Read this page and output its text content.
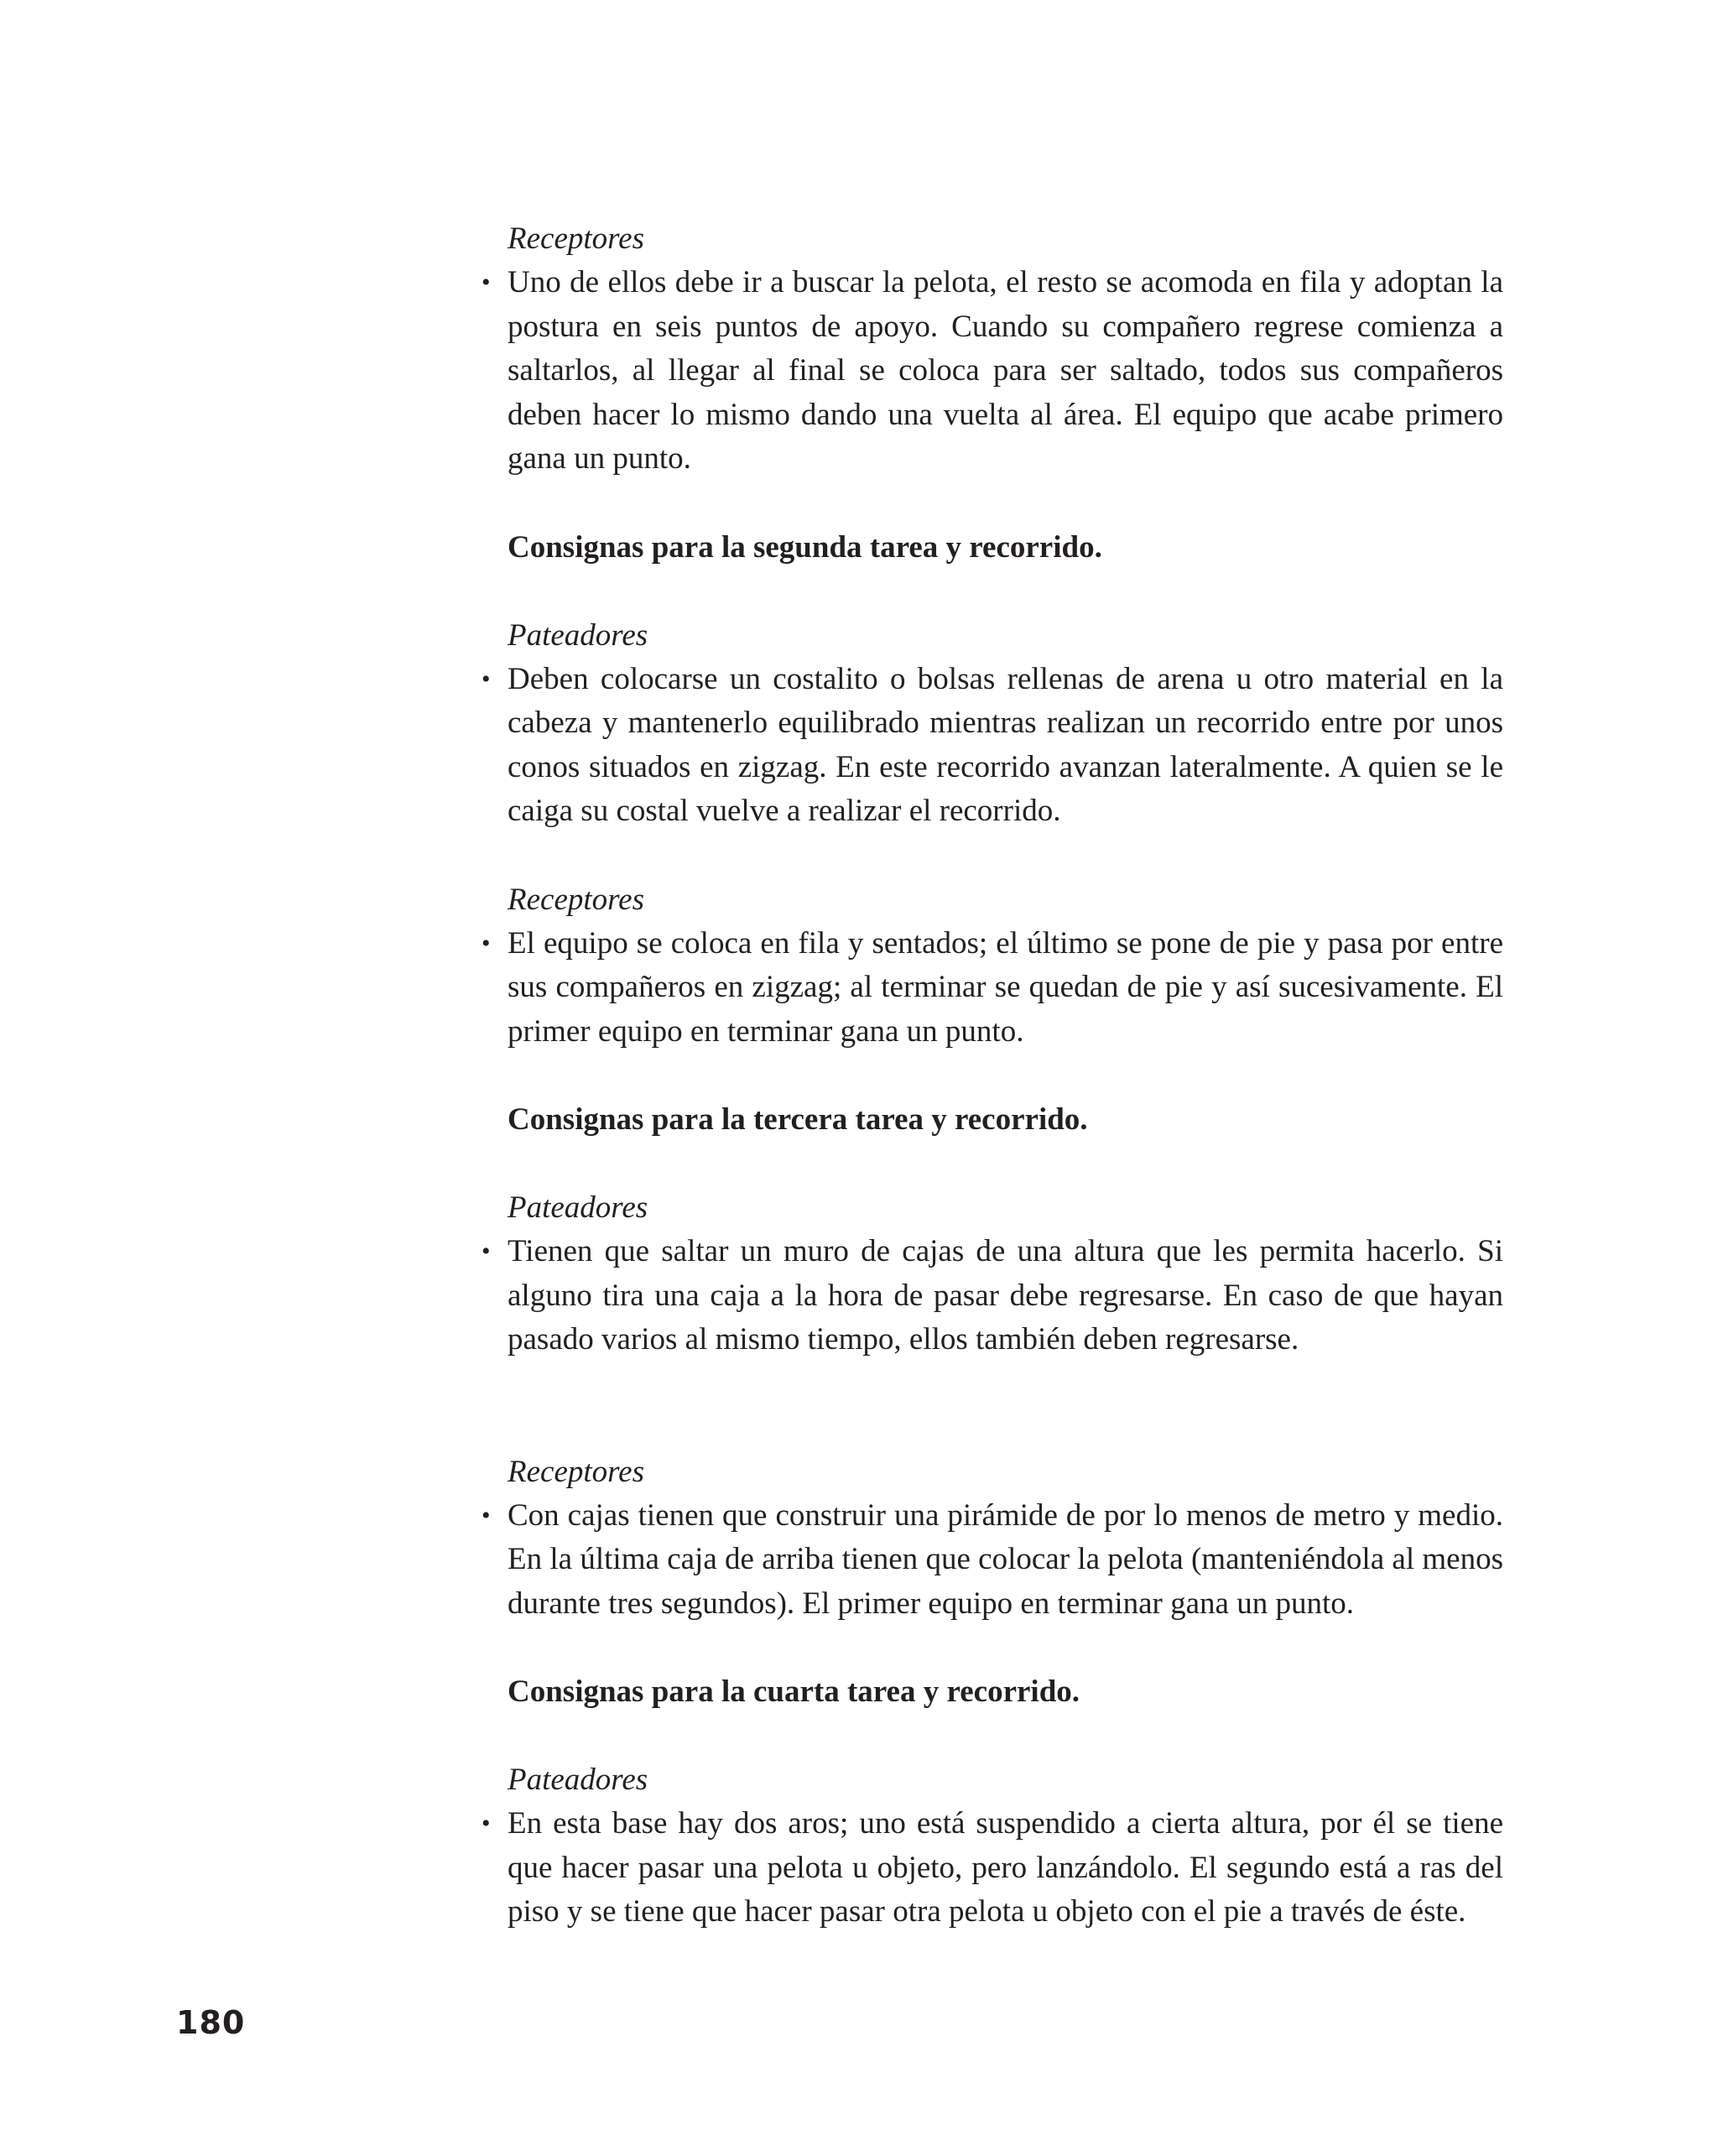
Receptores
• Uno de ellos debe ir a buscar la pelota, el resto se acomoda en fila y adoptan la postura en seis puntos de apoyo. Cuando su compañero regrese comienza a saltarlos, al llegar al final se coloca para ser saltado, todos sus compañeros deben hacer lo mismo dando una vuelta al área. El equipo que acabe primero gana un punto.
Consignas para la segunda tarea y recorrido.
Pateadores
• Deben colocarse un costalito o bolsas rellenas de arena u otro material en la cabeza y mantenerlo equilibrado mientras realizan un recorrido entre por unos conos situados en zigzag. En este recorrido avanzan lateralmente. A quien se le caiga su costal vuelve a realizar el recorrido.
Receptores
• El equipo se coloca en fila y sentados; el último se pone de pie y pasa por entre sus compañeros en zigzag; al terminar se quedan de pie y así sucesivamente. El primer equipo en terminar gana un punto.
Consignas para la tercera tarea y recorrido.
Pateadores
• Tienen que saltar un muro de cajas de una altura que les permita hacerlo. Si alguno tira una caja a la hora de pasar debe regresarse. En caso de que hayan pasado varios al mismo tiempo, ellos también deben regresarse.
Receptores
• Con cajas tienen que construir una pirámide de por lo menos de metro y medio. En la última caja de arriba tienen que colocar la pelota (manteniéndola al menos durante tres segundos). El primer equipo en terminar gana un punto.
Consignas para la cuarta tarea y recorrido.
Pateadores
• En esta base hay dos aros; uno está suspendido a cierta altura, por él se tiene que hacer pasar una pelota u objeto, pero lanzándolo. El segundo está a ras del piso y se tiene que hacer pasar otra pelota u objeto con el pie a través de éste.
180
